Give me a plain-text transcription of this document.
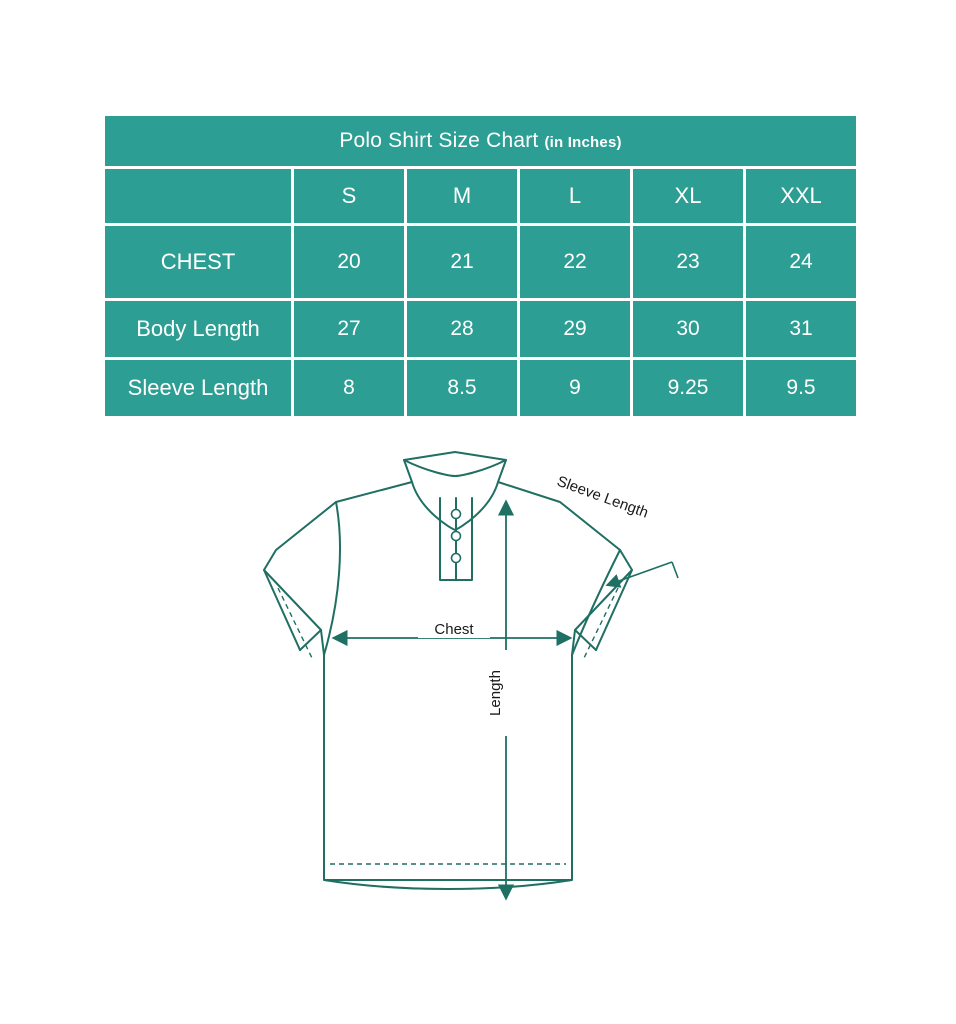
Polo Shirt Size Chart (in Inches)					
	S	M	L	XL	XXL
CHEST	20	21	22	23	24
Body Length	27	28	29	30	31
Sleeve Length	8	8.5	9	9.25	9.5
Chest
Length
Sleeve Length
